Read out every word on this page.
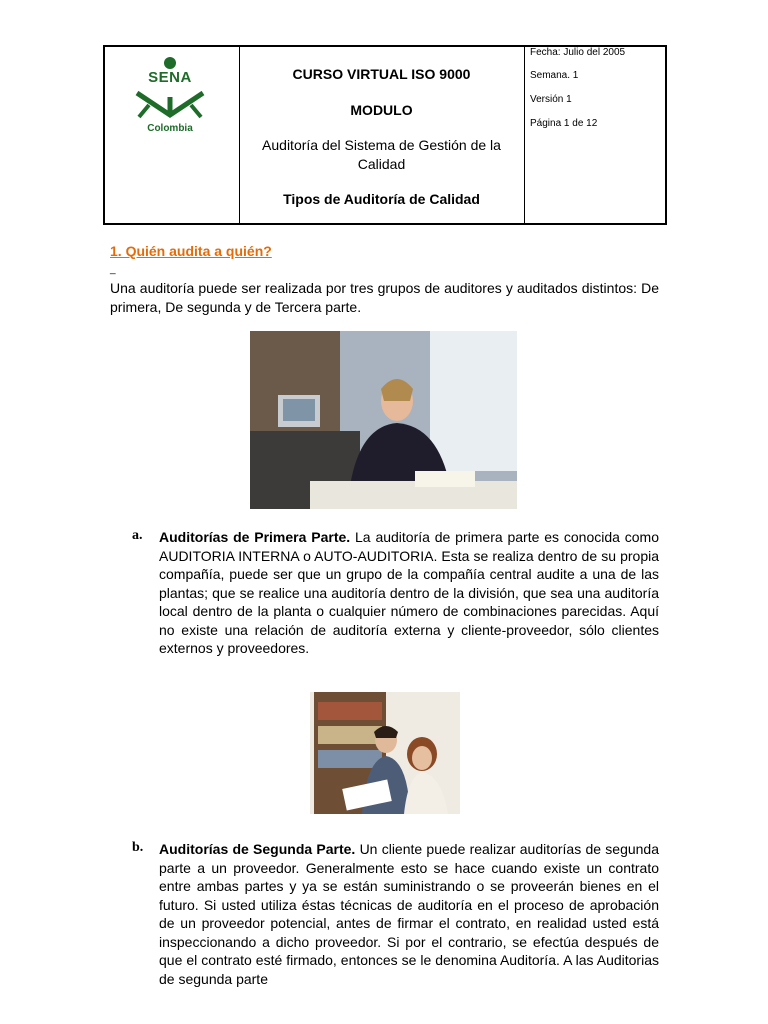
SENA
Colombia
CURSO VIRTUAL ISO 9000
MODULO
Auditoría del Sistema de Gestión de la Calidad
Tipos de Auditoría de Calidad
Fecha: Julio del 2005
Semana. 1
Versión 1
Página 1 de 12
1. Quién audita a quién?
_
Una auditoría puede ser realizada por tres grupos de auditores y auditados distintos: De primera, De segunda y de Tercera parte.
a. Auditorías de Primera Parte. La auditoría de primera parte es conocida como AUDITORIA INTERNA o AUTO-AUDITORIA. Esta se realiza dentro de su propia compañía, puede ser que un grupo de la compañía central audite a una de las plantas; que se realice una auditoría dentro de la división, que sea una auditoría local dentro de la planta o cualquier número de combinaciones parecidas. Aquí no existe una relación de auditoría externa y cliente-proveedor, sólo clientes externos y proveedores.
b. Auditorías de Segunda Parte. Un cliente puede realizar auditorías de segunda parte a un proveedor. Generalmente esto se hace cuando existe un contrato entre ambas partes y ya se están suministrando o se proveerán bienes en el futuro. Si usted utiliza éstas técnicas de auditoría en el proceso de aprobación de un proveedor potencial, antes de firmar el contrato, en realidad usted está inspeccionando a dicho proveedor. Si por el contrario, se efectúa después de que el contrato esté firmado, entonces se le denomina Auditoría. A las Auditorias de segunda parte
